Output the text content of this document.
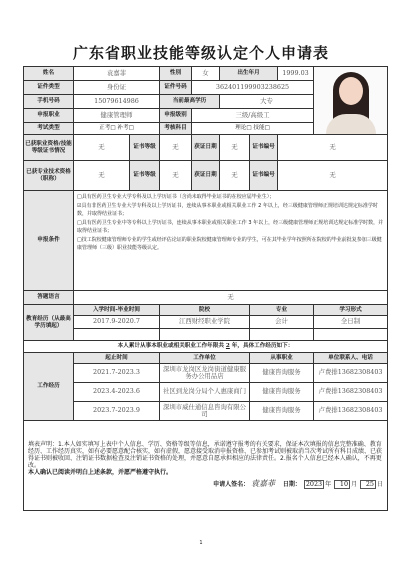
广东省职业技能等级认定个人申请表
姓名	袁嘉菲		性别	女	出生年月		1999.03	

证件类型	身份证		证件号码	362401199903238625				
手机号码	15079614986		当前最高学历		大专			
申报职业	健康管理师		申报级别	三级/高级工				
考试类型	正考□ 补考□		考核科目	理论□ 技能□				
已获职业资格/技能等级证书情况	无	证书等级	无	获证日期	无	证书编号	无	
已获专业技术资格（职称）	无	证书等级	无	获证日期	无	证书编号	无	
申报条件	□具有医药卫生专业大学专科及以上学历证书（含尚未取得毕业证书的在校应届毕业生）；
☑具有非医药卫生专业大学专科及以上学历证书，连续从事本职业或相关职业工作 2 年以上，经三级健康管理师正规培训达规定标准学时数，并取得结业证书；
□具有医药卫生专业中等专科以上学历证书，连续从事本职业或相关职业工作 3 年以上，经三级健康管理师正规培训达规定标准学时数，并取得结业证书；
□技工院校健康管理师专业的学生或经评估论证的职业院校健康管理师专业的学生，可在其毕业学年按照所在院校的毕业前批复参加三级健康管理师（三级）职业技能等级认定。							

答题语言	无							
教育经历（从最高学历填起）	入学时间-毕业时间		院校			专业		学习形式
	2017.9-2020.7		江西财经职业学院			会计		全日制

本人累计从事本职业或相关职业工作年限共 2 年，具体工作经历如下：								
工作经历	起止时间		工作单位			从事职业		单位联系人、电话
	2021.7-2023.3		深圳市龙岗区龙岗街道健康服务办公用品店			健康咨询服务		卢费排13682308403
	2023.4-2023.6		社区到龙岗分局个人惠康商门			健康咨询服务		卢费排13682308403
	2023.7-2023.9		深圳市威仕通信息咨询有限公司			健康咨询服务		卢费排13682308403

填表声明：1.本人如实填写上表中个人信息、学历、资格等级等信息，承诺遵守报考的有关要求，保证本次填报的信息完整准确、教育经历、工作经历真实，如有必要愿意配合核实，如有虚假，愿意接受取消申报资格、已参加考试则被取消当次考试所有科目成绩、已获得证书则被收回、注销证书数据检查及注销证书资格的处理，并愿意自愿承担相应的法律责任。2.报名个人信息已经本人确认，不再更改。
本人确认已阅读并明白上述条款，并愿严格遵守执行。
申请人签名： 袁嘉菲 日期： 2023 年 10 月 25 日								
1
